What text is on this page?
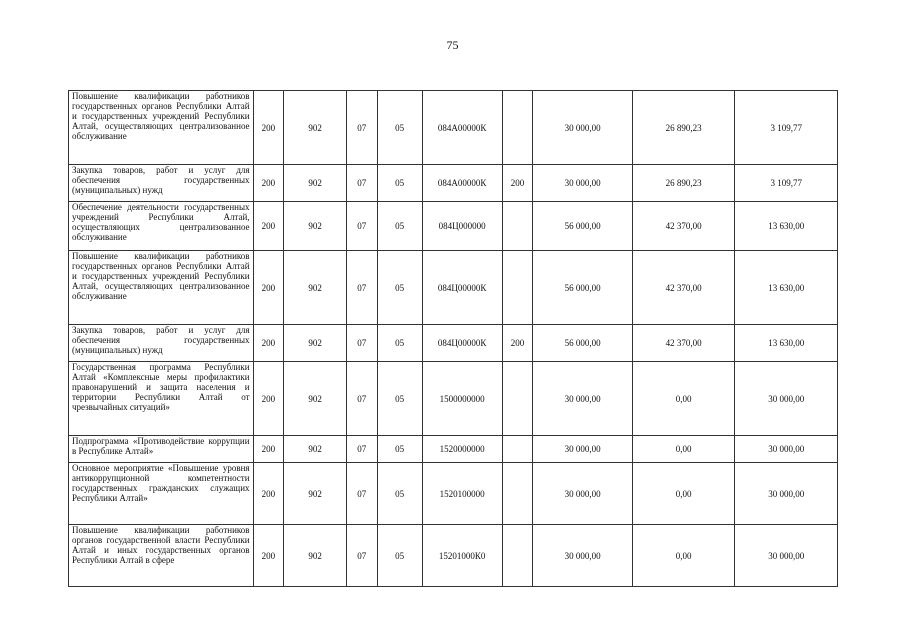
75
Повышение квалификации работников государственных органов Республики Алтай и государственных учреждений Республики Алтай, осуществляющих централизованное обслуживание	200	902	07	05	084А00000К		30 000,00	26 890,23	3 109,77
Закупка товаров, работ и услуг для обеспечения государственных (муниципальных) нужд	200	902	07	05	084А00000К	200	30 000,00	26 890,23	3 109,77
Обеспечение деятельности государственных учреждений Республики Алтай, осуществляющих централизованное обслуживание	200	902	07	05	084Ц000000		56 000,00	42 370,00	13 630,00
Повышение квалификации работников государственных органов Республики Алтай и государственных учреждений Республики Алтай, осуществляющих централизованное обслуживание	200	902	07	05	084Ц00000К		56 000,00	42 370,00	13 630,00
Закупка товаров, работ и услуг для обеспечения государственных (муниципальных) нужд	200	902	07	05	084Ц00000К	200	56 000,00	42 370,00	13 630,00
Государственная программа Республики Алтай «Комплексные меры профилактики правонарушений и защита населения и территории Республики Алтай от чрезвычайных ситуаций»	200	902	07	05	1500000000		30 000,00	0,00	30 000,00
Подпрограмма «Противодействие коррупции в Республике Алтай»	200	902	07	05	1520000000		30 000,00	0,00	30 000,00
Основное мероприятие «Повышение уровня антикоррупционной компетентности государственных гражданских служащих Республики Алтай»	200	902	07	05	1520100000		30 000,00	0,00	30 000,00
Повышение квалификации работников органов государственной власти Республики Алтай и иных государственных органов Республики Алтай в сфере	200	902	07	05	15201000К0		30 000,00	0,00	30 000,00
